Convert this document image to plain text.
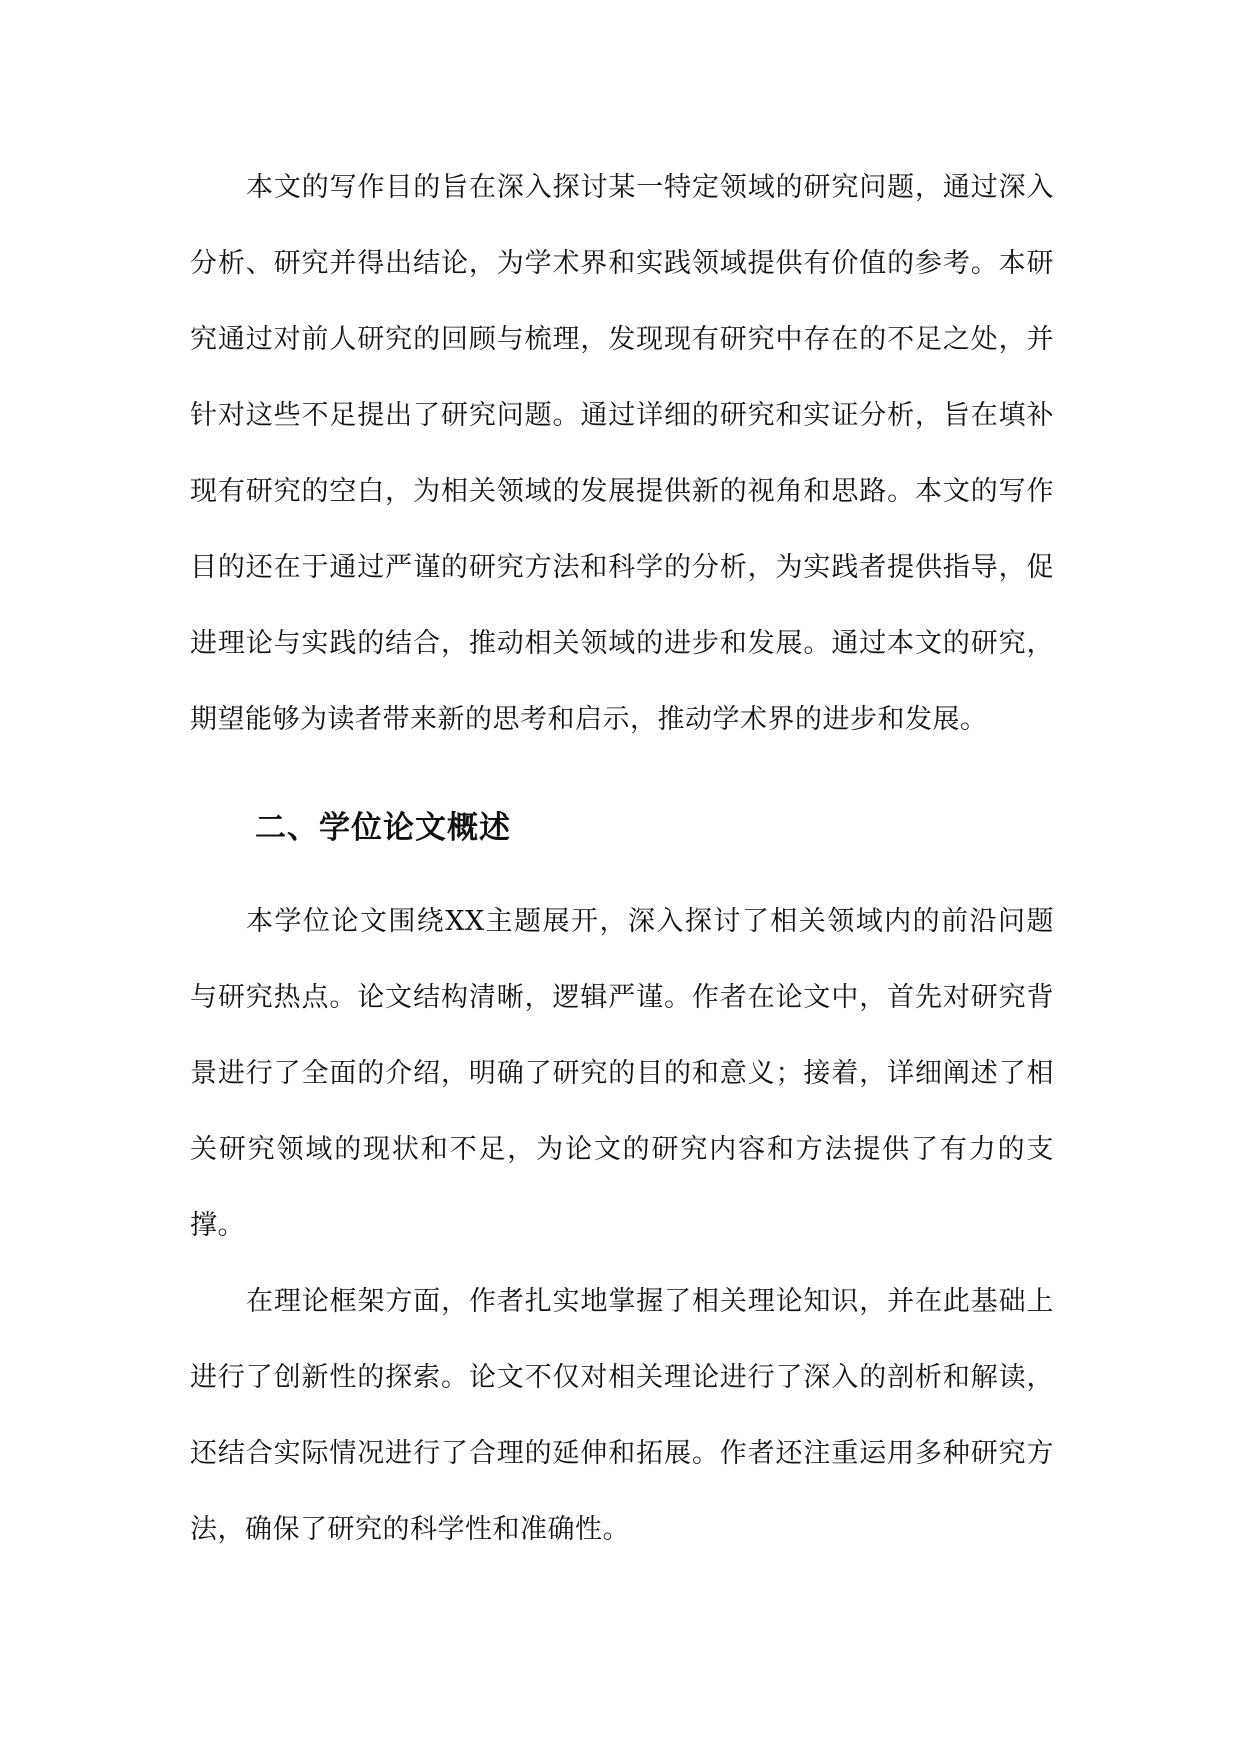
本文的写作目的旨在深入探讨某一特定领域的研究问题，通过深入分析、研究并得出结论，为学术界和实践领域提供有价值的参考。本研究通过对前人研究的回顾与梳理，发现现有研究中存在的不足之处，并针对这些不足提出了研究问题。通过详细的研究和实证分析，旨在填补现有研究的空白，为相关领域的发展提供新的视角和思路。本文的写作目的还在于通过严谨的研究方法和科学的分析，为实践者提供指导，促进理论与实践的结合，推动相关领域的进步和发展。通过本文的研究，期望能够为读者带来新的思考和启示，推动学术界的进步和发展。

二、学位论文概述

本学位论文围绕XX主题展开，深入探讨了相关领域内的前沿问题与研究热点。论文结构清晰，逻辑严谨。作者在论文中，首先对研究背景进行了全面的介绍，明确了研究的目的和意义；接着，详细阐述了相关研究领域的现状和不足，为论文的研究内容和方法提供了有力的支撑。

在理论框架方面，作者扎实地掌握了相关理论知识，并在此基础上进行了创新性的探索。论文不仅对相关理论进行了深入的剖析和解读，还结合实际情况进行了合理的延伸和拓展。作者还注重运用多种研究方法，确保了研究的科学性和准确性。
